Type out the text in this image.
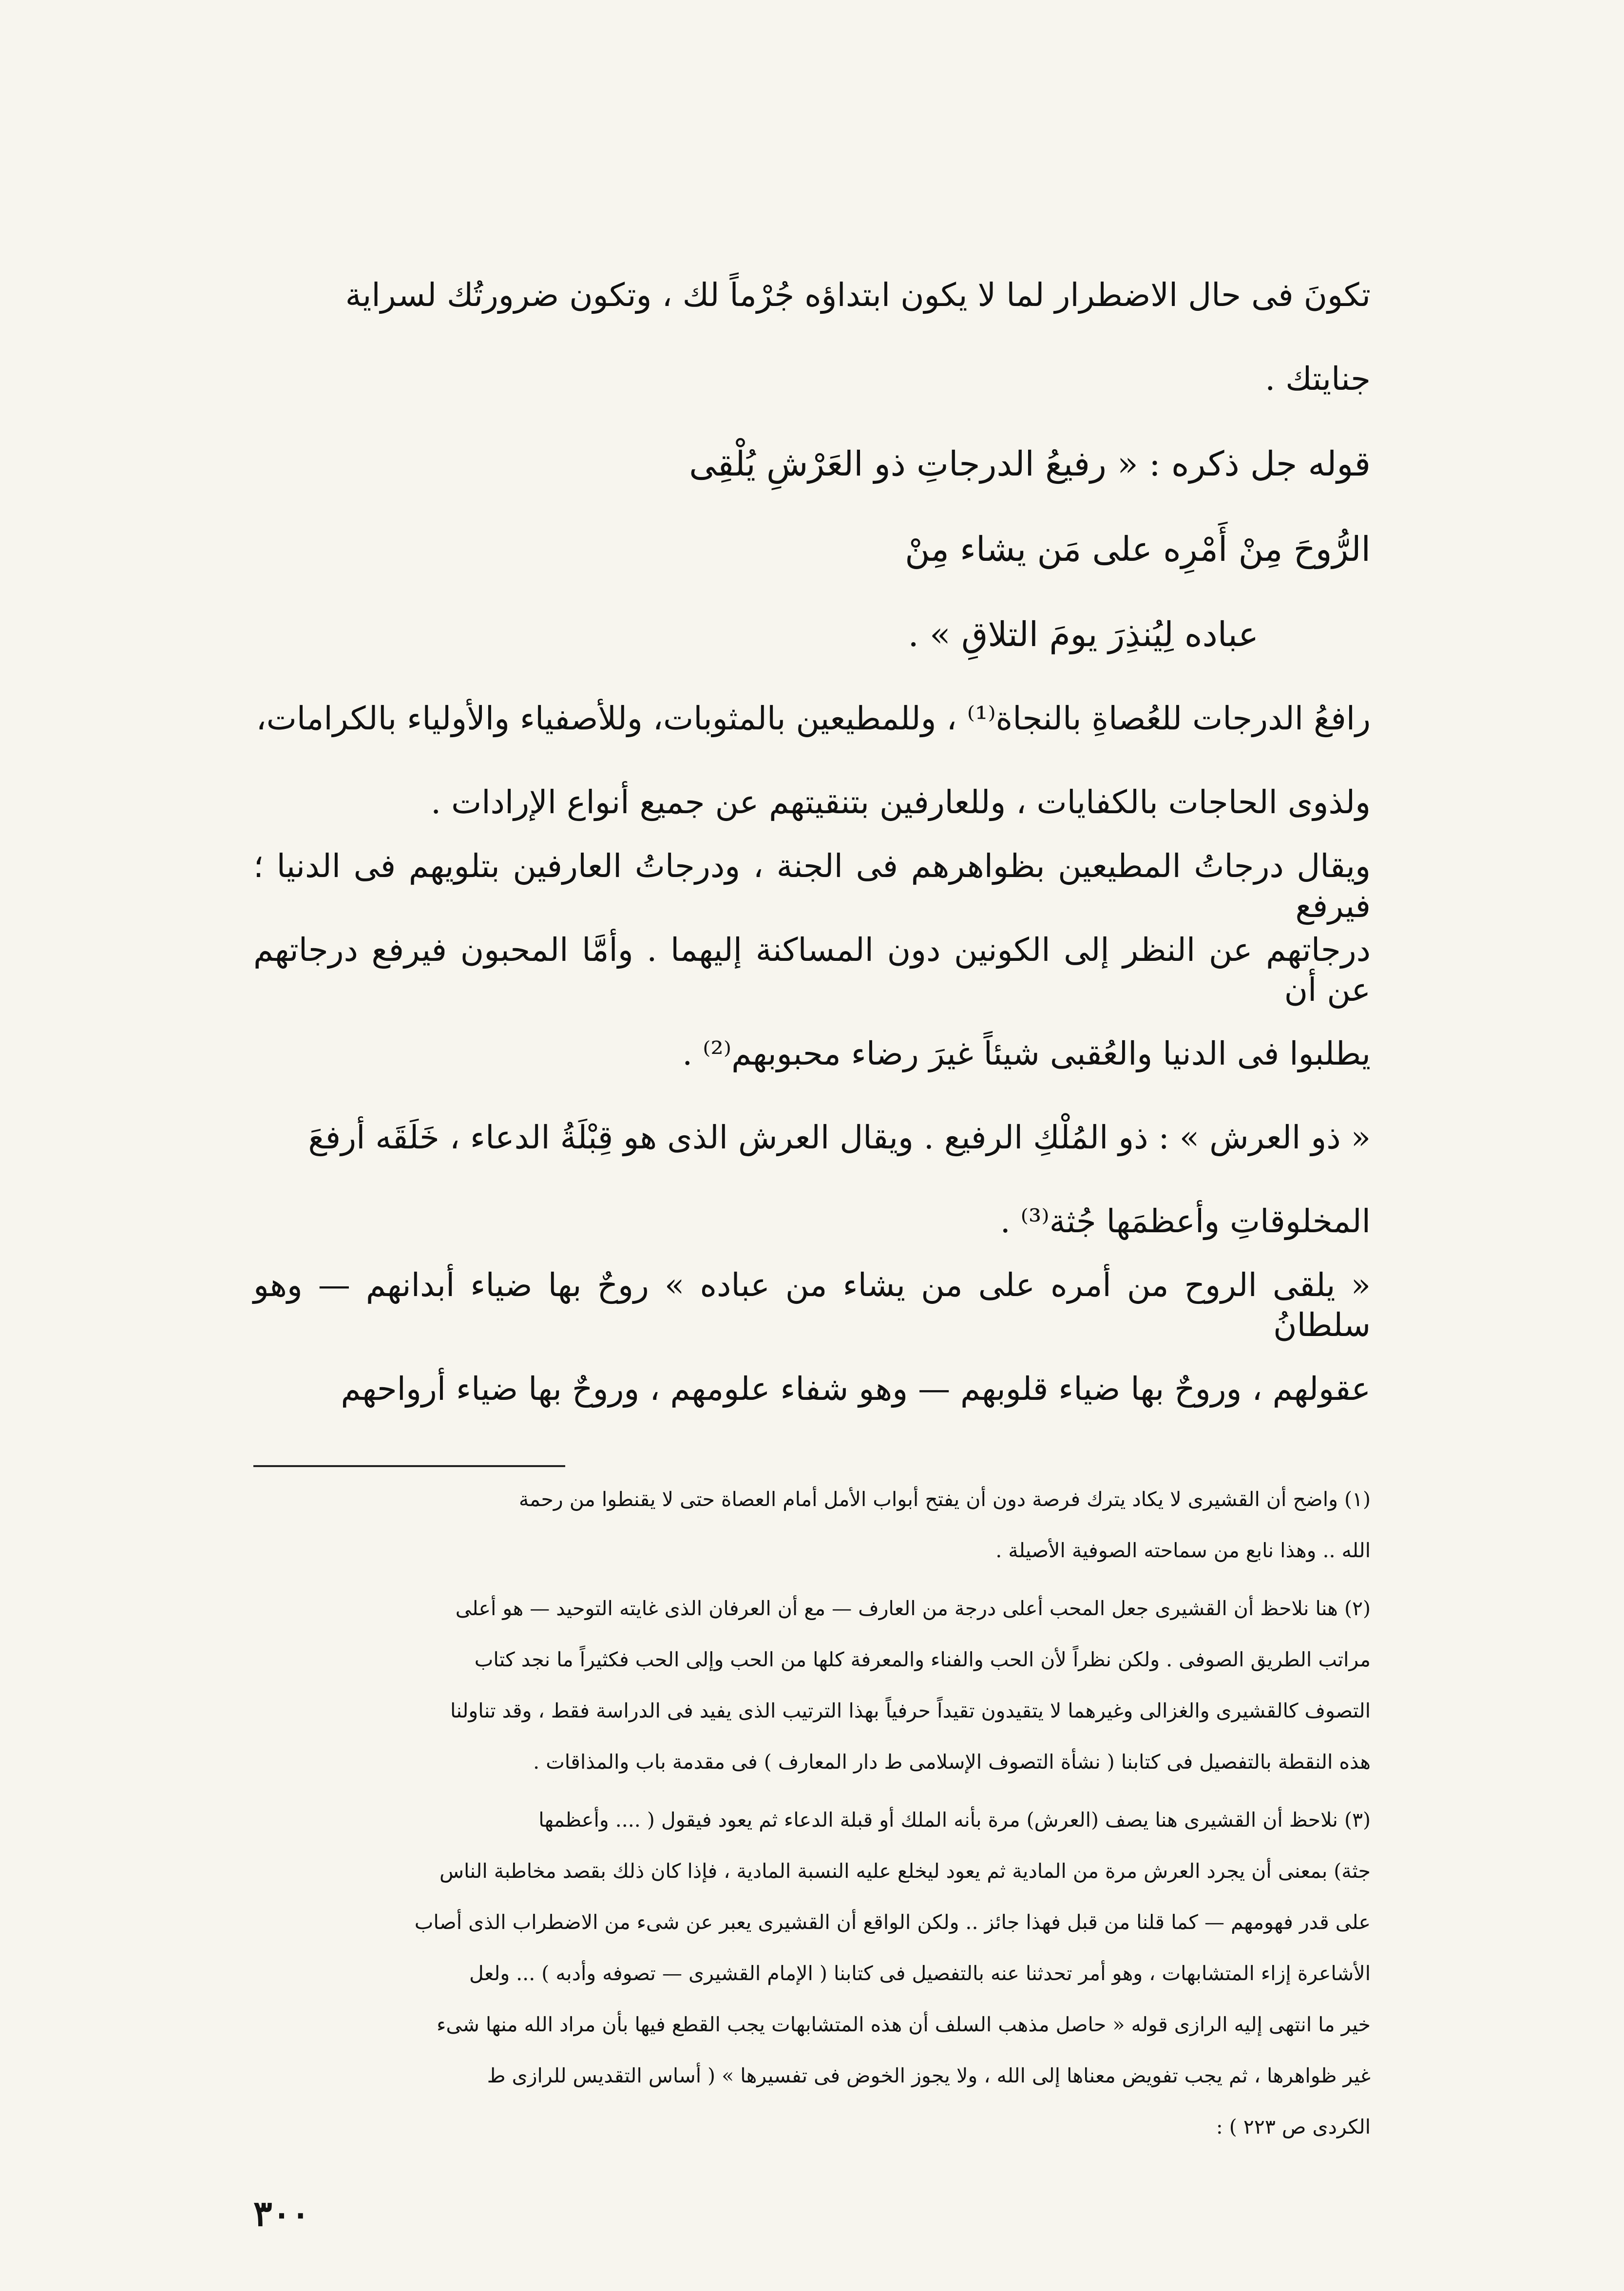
تكونَ فى حال الاضطرار لما لا يكون ابتداؤه جُرْماً لك ، وتكون ضرورتُك لسراية

جنايتك .

قوله جل ذكره : « رفيعُ الدرجاتِ ذو العَرْشِ يُلْقِى

الرُّوحَ مِنْ أَمْرِه على مَن يشاء مِنْ

عباده لِيُنذِرَ يومَ التلاقِ » .

رافعُ الدرجات للعُصاةِ بالنجاة⁽¹⁾ ، وللمطيعين بالمثوبات، وللأصفياء والأولياء بالكرامات،

ولذوى الحاجات بالكفايات ، وللعارفين بتنقيتهم عن جميع أنواع الإرادات .

ويقال درجاتُ المطيعين بظواهرهم فى الجنة ، ودرجاتُ العارفين بتلويهم فى الدنيا ؛ فيرفع

درجاتهم عن النظر إلى الكونين دون المساكنة إليهما . وأمَّا المحبون فيرفع درجاتهم عن أن

يطلبوا فى الدنيا والعُقبى شيئاً غيرَ رضاء محبوبهم⁽²⁾ .

« ذو العرش » : ذو المُلْكِ الرفيع . ويقال العرش الذى هو قِبْلَةُ الدعاء ، خَلَقَه أرفعَ

المخلوقاتِ وأعظمَها جُثة⁽³⁾ .

« يلقى الروح من أمره على من يشاء من عباده » روحٌ بها ضياء أبدانهم — وهو سلطانُ

عقولهم ، وروحٌ بها ضياء قلوبهم — وهو شفاء علومهم ، وروحٌ بها ضياء أرواحهم

(١) واضح أن القشيرى لا يكاد يترك فرصة دون أن يفتح أبواب الأمل أمام العصاة حتى لا يقنطوا من رحمة
الله .. وهذا نابع من سماحته الصوفية الأصيلة .
(٢) هنا نلاحظ أن القشيرى جعل المحب أعلى درجة من العارف — مع أن العرفان الذى غايته التوحيد — هو أعلى
مراتب الطريق الصوفى . ولكن نظراً لأن الحب والفناء والمعرفة كلها من الحب وإلى الحب فكثيراً ما نجد كتاب
التصوف كالقشيرى والغزالى وغيرهما لا يتقيدون تقيداً حرفياً بهذا الترتيب الذى يفيد فى الدراسة فقط ، وقد تناولنا
هذه النقطة بالتفصيل فى كتابنا ( نشأة التصوف الإسلامى ط دار المعارف ) فى مقدمة باب والمذاقات .
(٣) نلاحظ أن القشيرى هنا يصف (العرش) مرة بأنه الملك أو قبلة الدعاء ثم يعود فيقول ( .... وأعظمها
جثة) بمعنى أن يجرد العرش مرة من المادية ثم يعود ليخلع عليه النسبة المادية ، فإذا كان ذلك بقصد مخاطبة الناس
على قدر فهومهم — كما قلنا من قبل فهذا جائز .. ولكن الواقع أن القشيرى يعبر عن شىء من الاضطراب الذى أصاب
الأشاعرة إزاء المتشابهات ، وهو أمر تحدثنا عنه بالتفصيل فى كتابنا ( الإمام القشيرى — تصوفه وأدبه ) ... ولعل
خير ما انتهى إليه الرازى قوله « حاصل مذهب السلف أن هذه المتشابهات يجب القطع فيها بأن مراد الله منها شىء
غير ظواهرها ، ثم يجب تفويض معناها إلى الله ، ولا يجوز الخوض فى تفسيرها » ( أساس التقديس للرازى ط
الكردى ص ٢٢٣ ) :
٣٠٠
